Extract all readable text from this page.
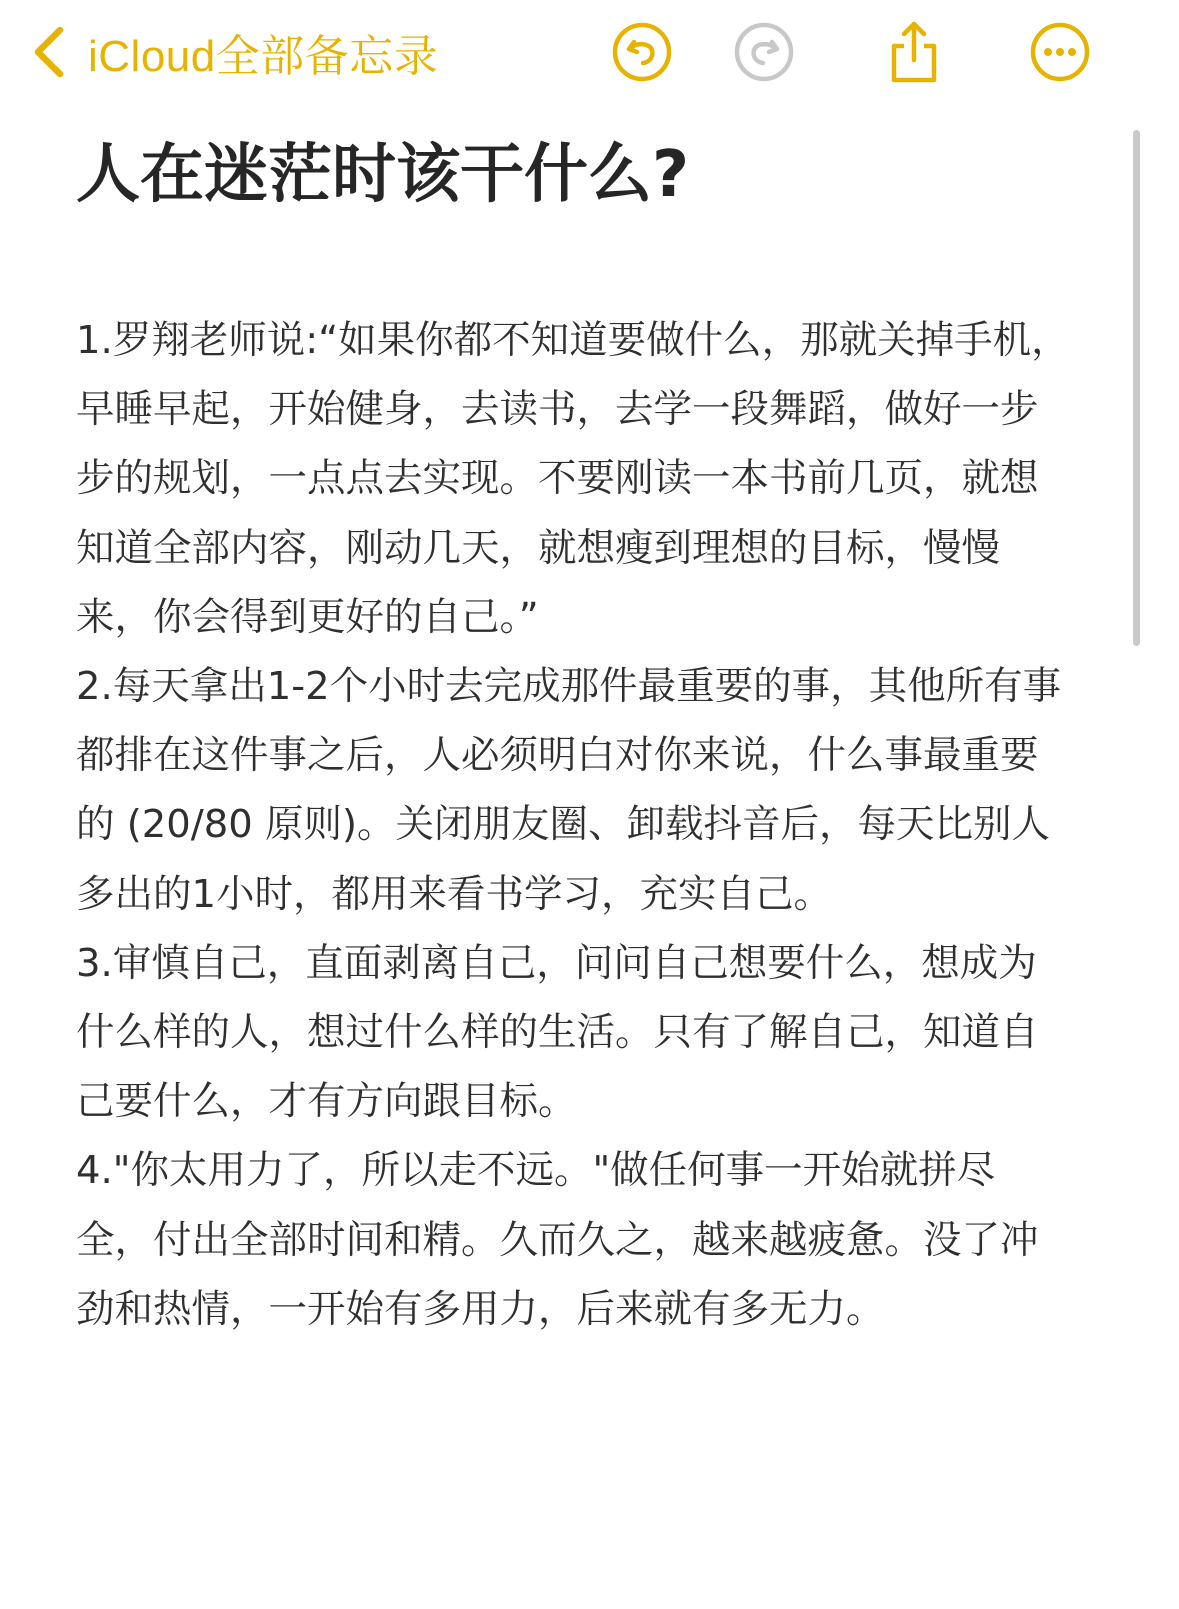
iCloud全部备忘录
人在迷茫时该干什么?

1.罗翔老师说:“如果你都不知道要做什么，那就关掉手机，早睡早起，开始健身，去读书，去学一段舞蹈，做好一步步的规划，一点点去实现。不要刚读一本书前几页，就想知道全部内容，刚动几天，就想瘦到理想的目标，慢慢来，你会得到更好的自己。”

2.每天拿出1-2个小时去完成那件最重要的事，其他所有事都排在这件事之后，人必须明白对你来说，什么事最重要的 (20/80 原则)。关闭朋友圈、卸载抖音后，每天比别人多出的1小时，都用来看书学习，充实自己。

3.审慎自己，直面剥离自己，问问自己想要什么，想成为什么样的人，想过什么样的生活。只有了解自己，知道自己要什么，才有方向跟目标。

4."你太用力了，所以走不远。"做任何事一开始就拼尽全，付出全部时间和精。久而久之，越来越疲惫。没了冲劲和热情，一开始有多用力，后来就有多无力。
